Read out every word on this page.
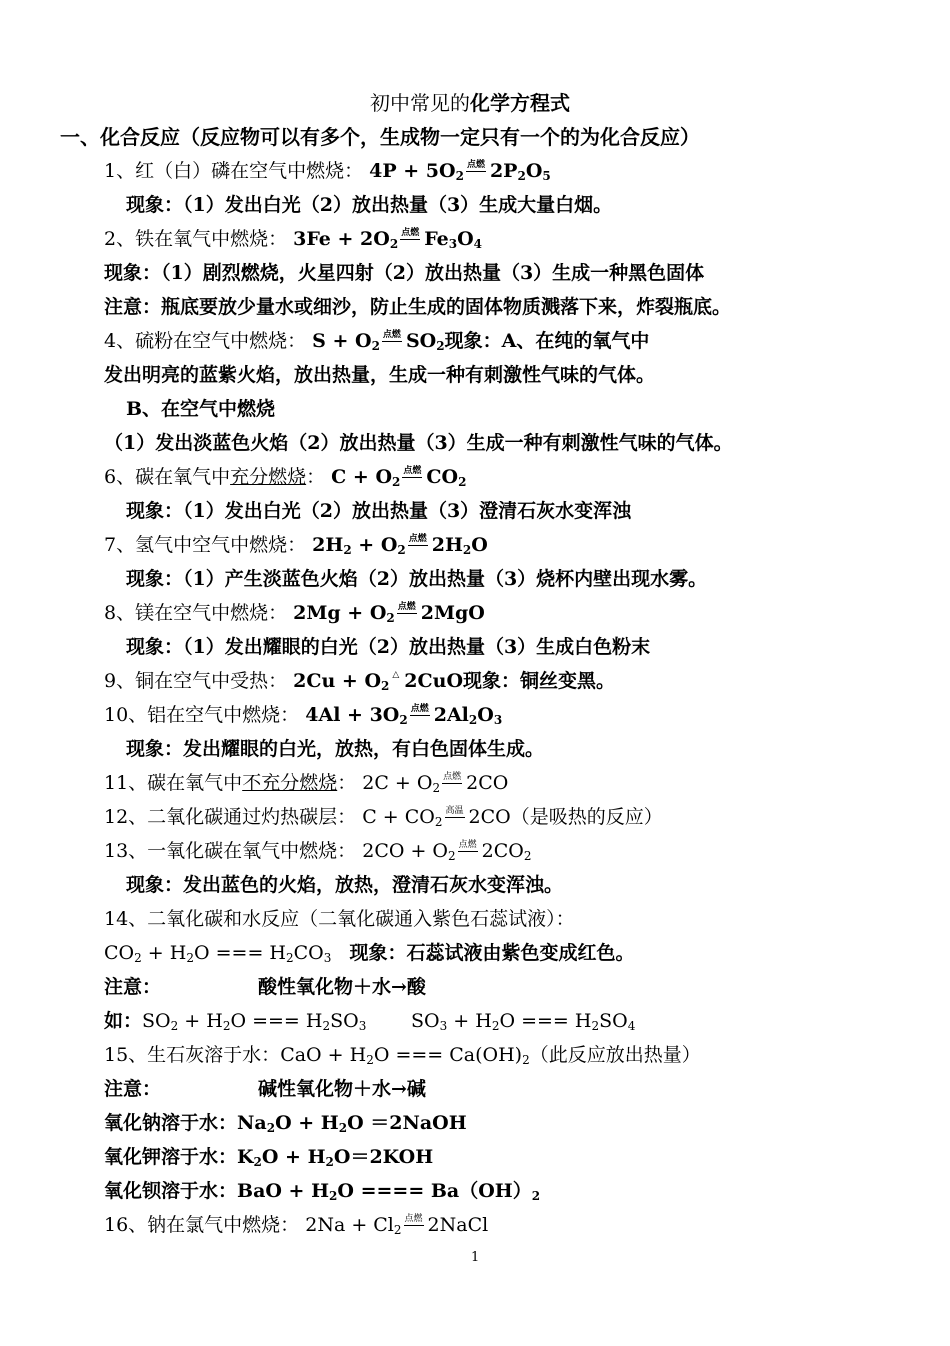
初中常见的化学方程式
一、化合反应（反应物可以有多个，生成物一定只有一个的为化合反应）
1、红（白）磷在空气中燃烧： $4P + 5O_2$点燃 $2P_2O_5$
现象：（1）发出白光（2）放出热量（3）生成大量白烟。
2、铁在氧气中燃烧： $3Fe + 2O_2$点燃 $Fe_3O_4$
现象：（1）剧烈燃烧，火星四射（2）放出热量（3）生成一种黑色固体
注意：瓶底要放少量水或细沙，防止生成的固体物质溅落下来，炸裂瓶底。
4、硫粉在空气中燃烧： $S + O_2$点燃 $SO_2$现象：A、在纯的氧气中
发出明亮的蓝紫火焰，放出热量，生成一种有刺激性气味的气体。
B、在空气中燃烧
（1）发出淡蓝色火焰（2）放出热量（3）生成一种有刺激性气味的气体。
6、碳在氧气中充分燃烧： $C + O_2$点燃 $CO_2$
现象：（1）发出白光（2）放出热量（3）澄清石灰水变浑浊
7、氢气中空气中燃烧： $2H_2 + O_2$点燃 $2H_2O$
现象：（1）产生淡蓝色火焰（2）放出热量（3）烧杯内壁出现水雾。
8、镁在空气中燃烧： $2Mg + O_2$点燃 2MgO
现象：（1）发出耀眼的白光（2）放出热量（3）生成白色粉末
9、铜在空气中受热： $2Cu + O_2\triangle$ 2CuO现象：铜丝变黑。
10、铝在空气中燃烧： $4Al + 3O_2$点燃 $2Al_2O_3$
现象：发出耀眼的白光，放热，有白色固体生成。
11、碳在氧气中不充分燃烧： $2C + O_2$点燃 2CO
12、二氧化碳通过灼热碳层： $C + CO_2$高温 2CO（是吸热的反应）
13、一氧化碳在氧气中燃烧： $2CO + O_2$点燃 $2CO_2$
现象：发出蓝色的火焰，放热，澄清石灰水变浑浊。
14、二氧化碳和水反应（二氧化碳通入紫色石蕊试液）：
$CO_2 + H_2O$ === $H_2CO_3$ 现象：石蕊试液由紫色变成红色。
注意：	酸性氧化物＋水→酸
如：$SO_2 + H_2O$ === $H_2SO_3$ $SO_3 + H_2O$ === $H_2SO_4$
15、生石灰溶于水：CaO + $H_2O$ === $Ca(OH)_2$（此反应放出热量）
注意：	碱性氧化物＋水→碱
氧化钠溶于水：$Na_2O + H_2O$ ＝2NaOH
氧化钾溶于水：$K_2O + H_2O=2KOH$
氧化钡溶于水：BaO + $H_2O$ ==== $Ba(OH)_2$
16、钠在氯气中燃烧： $2Na + Cl_2$点燃 2NaCl
1
